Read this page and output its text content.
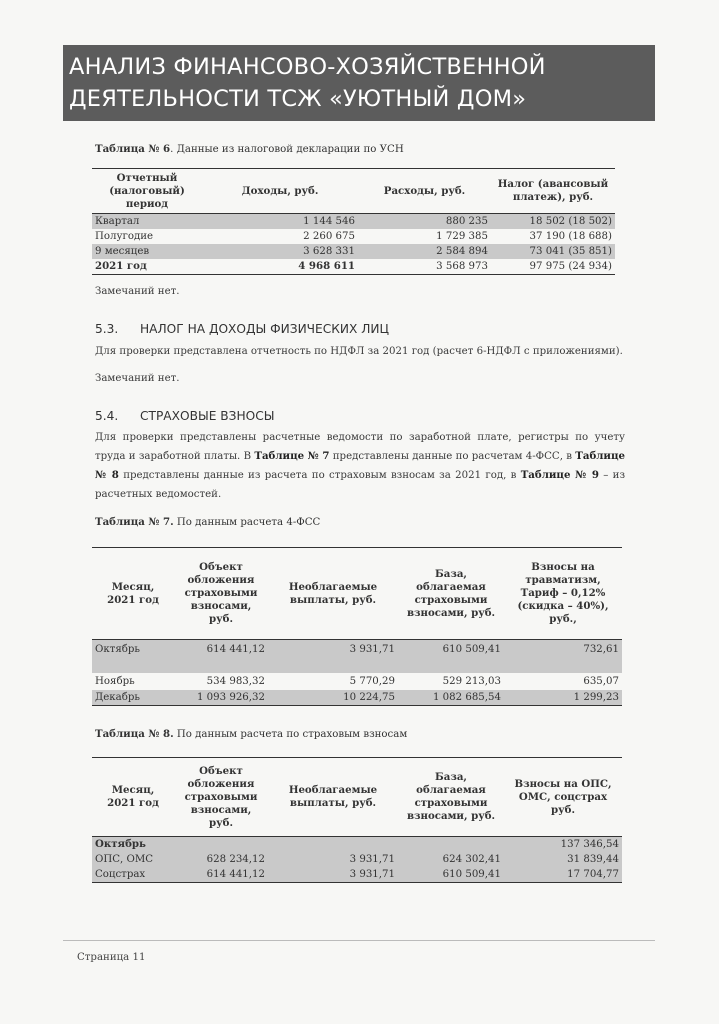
АНАЛИЗ ФИНАНСОВО-ХОЗЯЙСТВЕННОЙ
ДЕЯТЕЛЬНОСТИ ТСЖ «УЮТНЫЙ ДОМ»
Таблица № 6. Данные из налоговой декларации по УСН
Отчетный (налоговый) период	Доходы, руб.	Расходы, руб.	Налог (авансовый платеж), руб.
Квартал	1 144 546	880 235	18 502 (18 502)
Полугодие	2 260 675	1 729 385	37 190 (18 688)
9 месяцев	3 628 331	2 584 894	73 041 (35 851)
2021 год	4 968 611	3 568 973	97 975 (24 934)
Замечаний нет.
5.3. НАЛОГ НА ДОХОДЫ ФИЗИЧЕСКИХ ЛИЦ
Для проверки представлена отчетность по НДФЛ за 2021 год (расчет 6-НДФЛ с приложениями).
Замечаний нет.
5.4. СТРАХОВЫЕ ВЗНОСЫ
Для проверки представлены расчетные ведомости по заработной плате, регистры по учету труда и заработной платы. В Таблице № 7 представлены данные по расчетам 4-ФСС, в Таблице № 8 представлены данные из расчета по страховым взносам за 2021 год, в Таблице № 9 – из расчетных ведомостей.
Таблица № 7. По данным расчета 4-ФСС
Месяц, 2021 год	Объект обложения страховыми взносами, руб.	Необлагаемые выплаты, руб.	База, облагаемая страховыми взносами, руб.	Взносы на травматизм, Тариф – 0,12% (скидка – 40%), руб.,
Октябрь	614 441,12	3 931,71	610 509,41	732,61
Ноябрь	534 983,32	5 770,29	529 213,03	635,07
Декабрь	1 093 926,32	10 224,75	1 082 685,54	1 299,23
Таблица № 8. По данным расчета по страховым взносам
Месяц, 2021 год	Объект обложения страховыми взносами, руб.	Необлагаемые выплаты, руб.	База, облагаемая страховыми взносами, руб.	Взносы на ОПС, ОМС, соцстрах руб.
Октябрь				137 346,54
ОПС, ОМС	628 234,12	3 931,71	624 302,41	31 839,44
Соцстрах	614 441,12	3 931,71	610 509,41	17 704,77
Страница 11
